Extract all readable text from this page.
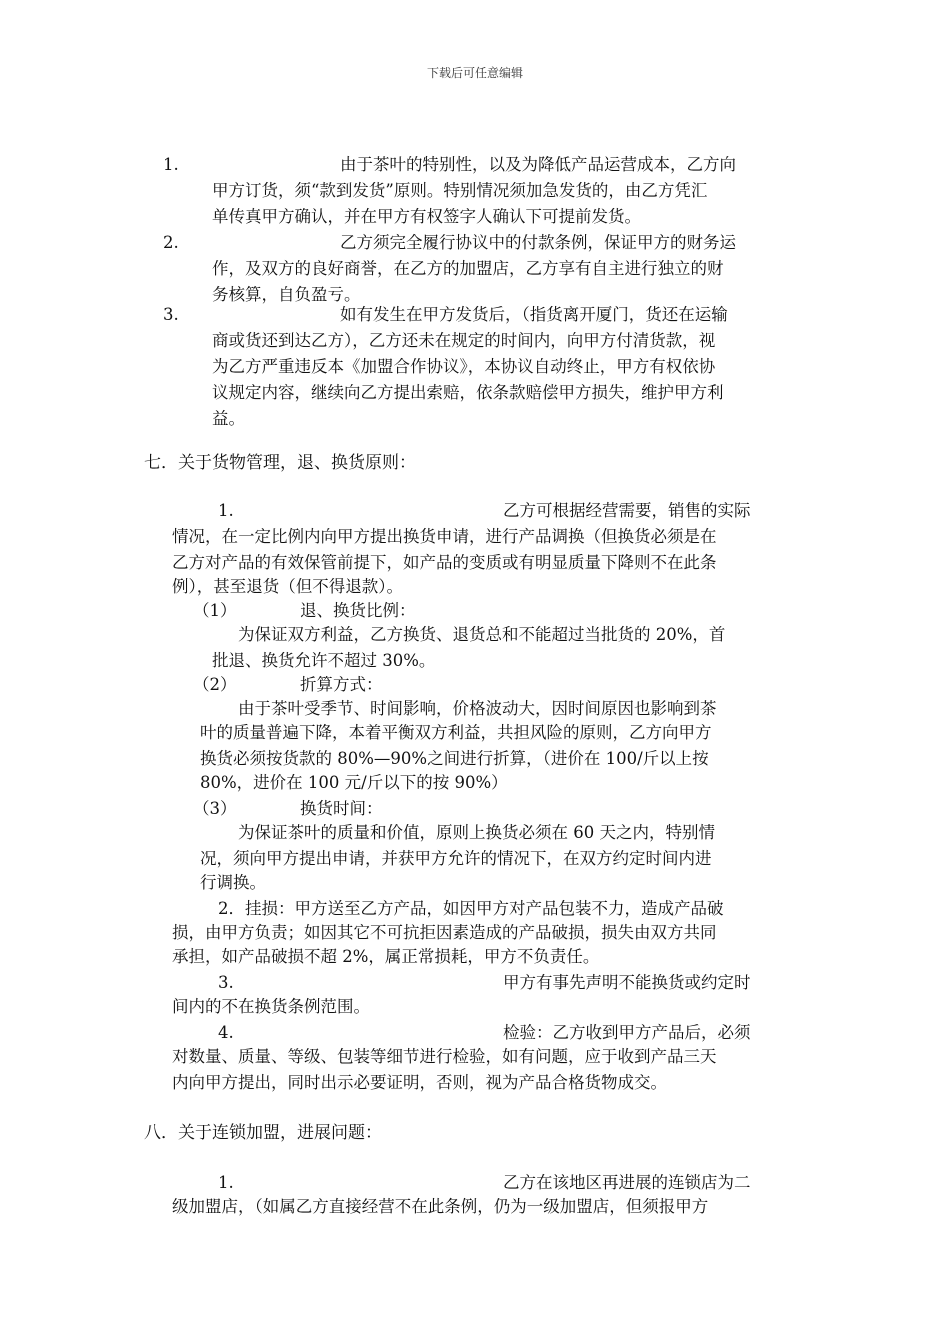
下载后可任意编辑
1.	由于茶叶的特别性，以及为降低产品运营成本，乙方向
甲方订货，须“款到发货”原则。特别情况须加急发货的，由乙方凭汇
单传真甲方确认，并在甲方有权签字人确认下可提前发货。
2.	乙方须完全履行协议中的付款条例，保证甲方的财务运
作，及双方的良好商誉，在乙方的加盟店，乙方享有自主进行独立的财
务核算，自负盈亏。
3.	如有发生在甲方发货后，（指货离开厦门，货还在运输
商或货还到达乙方），乙方还未在规定的时间内，向甲方付清货款，视
为乙方严重违反本《加盟合作协议》，本协议自动终止，甲方有权依协
议规定内容，继续向乙方提出索赔，依条款赔偿甲方损失，维护甲方利
益。
七．关于货物管理，退、换货原则：
1.	乙方可根据经营需要，销售的实际
情况，在一定比例内向甲方提出换货申请，进行产品调换（但换货必须是在
乙方对产品的有效保管前提下，如产品的变质或有明显质量下降则不在此条
例），甚至退货（但不得退款）。
（1）	退、换货比例：
为保证双方利益，乙方换货、退货总和不能超过当批货的 20%，首
批退、换货允许不超过 30%。
（2）	折算方式：
由于茶叶受季节、时间影响，价格波动大，因时间原因也影响到茶
叶的质量普遍下降，本着平衡双方利益，共担风险的原则，乙方向甲方
换货必须按货款的 80%—90%之间进行折算，（进价在 100/斤以上按
80%，进价在 100 元/斤以下的按 90%）
（3）	换货时间：
为保证茶叶的质量和价值，原则上换货必须在 60 天之内，特别情
况，须向甲方提出申请，并获甲方允许的情况下，在双方约定时间内进
行调换。
2．挂损：甲方送至乙方产品，如因甲方对产品包装不力，造成产品破
损，由甲方负责；如因其它不可抗拒因素造成的产品破损，损失由双方共同
承担，如产品破损不超 2%，属正常损耗，甲方不负责任。
3.	甲方有事先声明不能换货或约定时
间内的不在换货条例范围。
4.	检验：乙方收到甲方产品后，必须
对数量、质量、等级、包装等细节进行检验，如有问题，应于收到产品三天
内向甲方提出，同时出示必要证明，否则，视为产品合格货物成交。
八．关于连锁加盟，进展问题：
1.	乙方在该地区再进展的连锁店为二
级加盟店，（如属乙方直接经营不在此条例，仍为一级加盟店，但须报甲方
